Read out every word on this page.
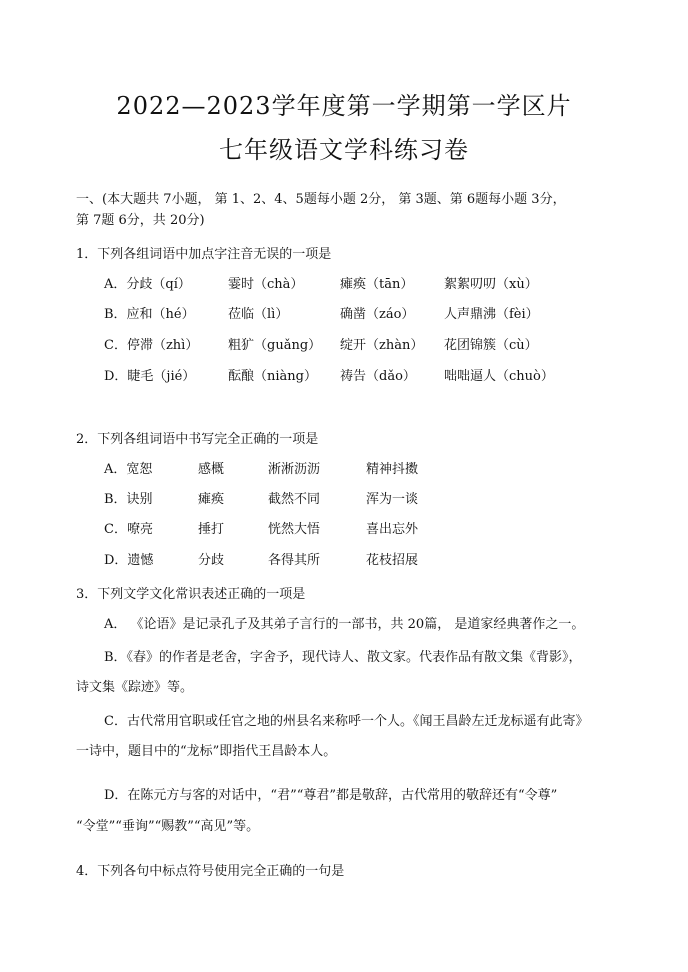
2022—2023学年度第一学期第一学区片
七年级语文学科练习卷
一、(本大题共 7小题， 第 1、2、4、5题每小题 2分， 第 3题、第 6题每小题 3分，
第 7题 6分，共 20分)
1．下列各组词语中加点字注音无误的一项是
A．分歧（qí）	霎时（chà）	瘫痪（tān） 絮絮叨叨（xù）
B．应和（hé）	莅临（lì）	确凿（záo） 人声鼎沸（fèi）
C．停滞（zhì） 粗犷（guǎng） 绽开（zhàn） 花团锦簇（cù）
D．睫毛（jié）	酝酿（niàng） 祷告（dǎo） 咄咄逼人（chuò）
2．下列各组词语中书写完全正确的一项是
A．宽恕	感概	淅淅沥沥	精神抖擞
B．诀别	瘫痪	截然不同	浑为一谈
C．嘹亮	捶打	恍然大悟	喜出忘外
D．遗憾	分歧	各得其所	花枝招展
3．下列文学文化常识表述正确的一项是
A． 《论语》是记录孔子及其弟子言行的一部书，共 20篇， 是道家经典著作之一。
B．《春》的作者是老舍，字舍予，现代诗人、散文家。代表作品有散文集《背影》，
诗文集《踪迹》等。
C．古代常用官职或任官之地的州县名来称呼一个人。《闻王昌龄左迁龙标遥有此寄》
一诗中，题目中的“龙标”即指代王昌龄本人。
D．在陈元方与客的对话中，“君”“尊君”都是敬辞，古代常用的敬辞还有“令尊”
“令堂”“垂询”“赐教”“高见”等。
4．下列各句中标点符号使用完全正确的一句是
